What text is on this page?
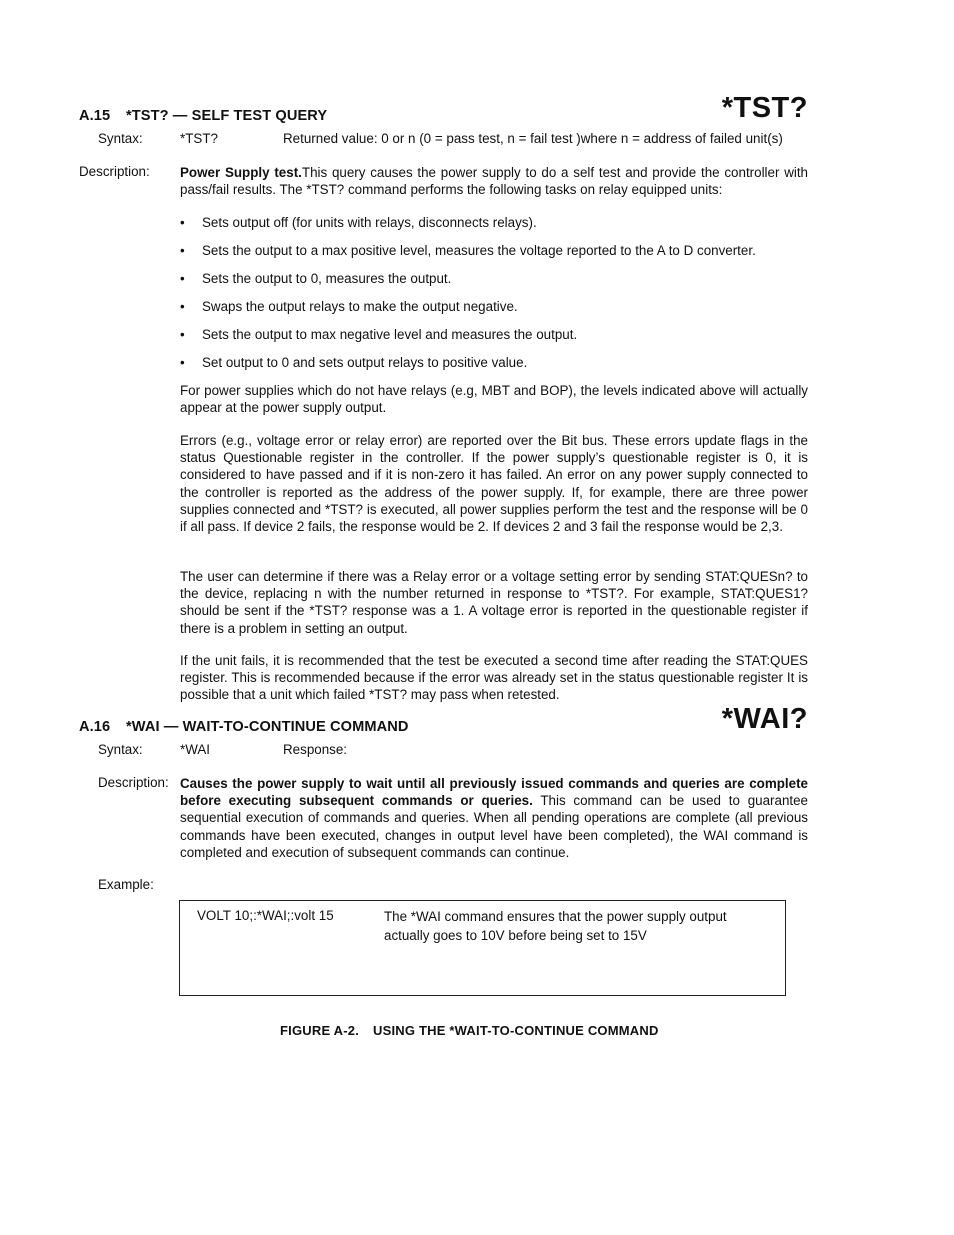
A.15 *TST? — SELF TEST QUERY	*TST?
Syntax:	*TST?	Returned value: 0 or n (0 = pass test, n = fail test )where n = address of failed unit(s)
Description: Power Supply test.This query causes the power supply to do a self test and provide the controller with pass/fail results. The *TST? command performs the following tasks on relay equipped units:
• Sets output off (for units with relays, disconnects relays).
• Sets the output to a max positive level, measures the voltage reported to the A to D converter.
• Sets the output to 0, measures the output.
• Swaps the output relays to make the output negative.
• Sets the output to max negative level and measures the output.
• Set output to 0 and sets output relays to positive value.
For power supplies which do not have relays (e.g, MBT and BOP), the levels indicated above will actually appear at the power supply output.
Errors (e.g., voltage error or relay error) are reported over the Bit bus. These errors update flags in the status Questionable register in the controller. If the power supply’s questionable register is 0, it is considered to have passed and if it is non-zero it has failed. An error on any power supply connected to the controller is reported as the address of the power supply. If, for example, there are three power supplies connected and *TST? is executed, all power supplies perform the test and the response will be 0 if all pass. If device 2 fails, the response would be 2. If devices 2 and 3 fail the response would be 2,3.
The user can determine if there was a Relay error or a voltage setting error by sending STAT:QUESn? to the device, replacing n with the number returned in response to *TST?. For example, STAT:QUES1? should be sent if the *TST? response was a 1. A voltage error is reported in the questionable register if there is a problem in setting an output.
If the unit fails, it is recommended that the test be executed a second time after reading the STAT:QUES register. This is recommended because if the error was already set in the status questionable register It is possible that a unit which failed *TST? may pass when retested.
A.16 *WAI — WAIT-TO-CONTINUE COMMAND	*WAI?
Syntax:	*WAI	Response:
Description: Causes the power supply to wait until all previously issued commands and queries are complete before executing subsequent commands or queries. This command can be used to guarantee sequential execution of commands and queries. When all pending operations are complete (all previous commands have been executed, changes in output level have been completed), the WAI command is completed and execution of subsequent commands can continue.
Example:
VOLT 10;:*WAI;:volt 15	The *WAI command ensures that the power supply output actually goes to 10V before being set to 15V
FIGURE A-2. USING THE *WAIT-TO-CONTINUE COMMAND
